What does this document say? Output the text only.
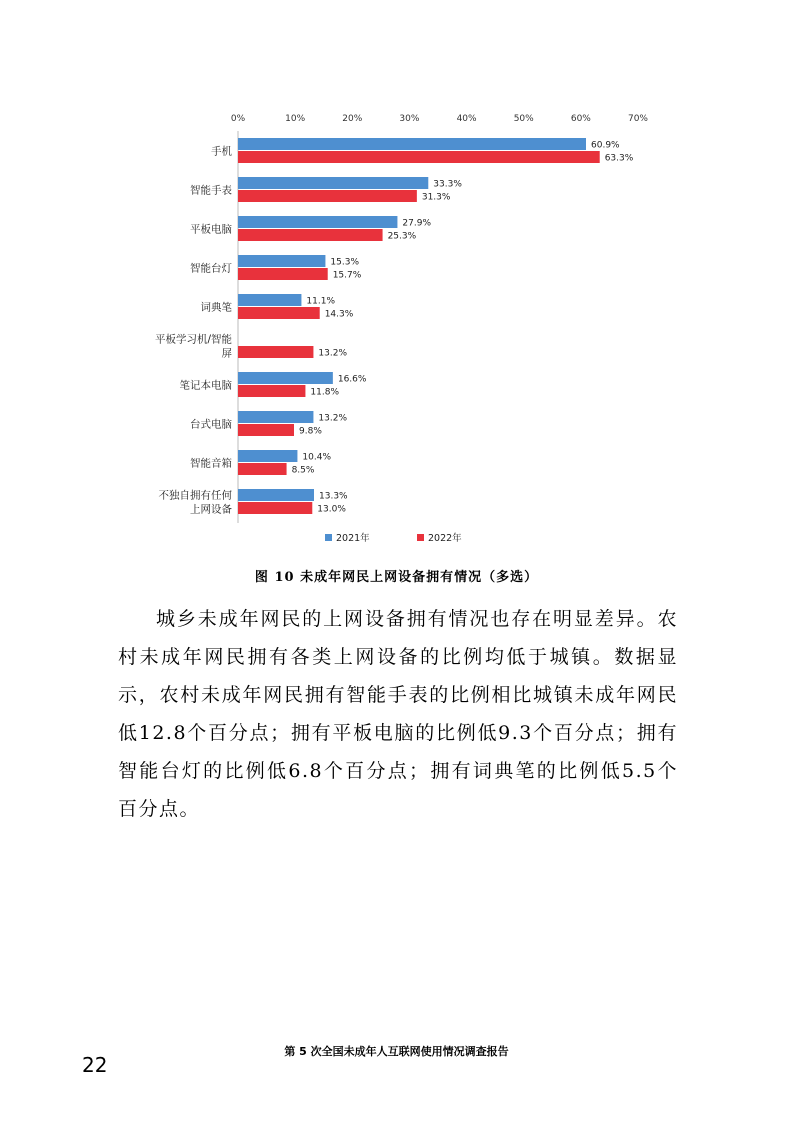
0%	10%	20%	30%	40%	50%	60%	70%
手机	60.9%
63.3%
智能手表	33.3%
31.3%
平板电脑	27.9%
25.3%
智能台灯	15.3%
15.7%
词典笔	11.1%
14.3%
平板学习机/智能
屏	13.2%
笔记本电脑	16.6%
11.8%
台式电脑	13.2%
9.8%
智能音箱	10.4%
8.5%
不独自拥有任何
上网设备
13.3%
13.0%
2021年	2022年
图 10 未成年网民上网设备拥有情况（多选）

城乡未成年网民的上网设备拥有情况也存在明显差异。农村未成年网民拥有各类上网设备的比例均低于城镇。数据显示，农村未成年网民拥有智能手表的比例相比城镇未成年网民低12.8个百分点；拥有平板电脑的比例低9.3个百分点；拥有智能台灯的比例低6.8个百分点；拥有词典笔的比例低5.5个百分点。

第 5 次全国未成年人互联网使用情况调查报告
22
